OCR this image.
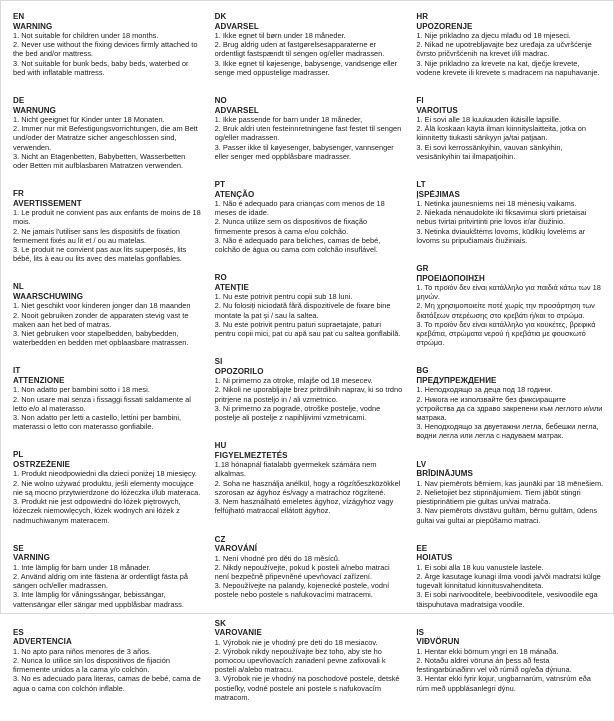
EN
WARNING

1. Not suitable for children under 18 months.

2. Never use without the fixing devices firmly attached to the bed and/or mattress.

3. Not suitable for bunk beds, baby beds, waterbed or bed with inflatable mattress.

DE
WARNUNG

1. Nicht geeignet für Kinder unter 18 Monaten.

2. Immer nur mit Befestigungsvorrichtungen, die am Bett und/oder der Matratze sicher angeschlossen sind, verwenden.

3. Nicht an Etagenbetten, Babybetten, Wasserbetten oder Betten mit aufblasbaren Matratzen verwenden.

FR
AVERTISSEMENT

1. Le produit ne convient pas aux enfants de moins de 18 mois.

2. Ne jamais l'utiliser sans les dispositifs de fixation fermement fixés au lit et / ou au matelas.

3. Le produit ne convient pas aux lits superposés, lits bébé, lits à eau ou lits avec des matelas gonflables.

NL
WAARSCHUWING

1. Niet geschikt voor kinderen jonger dan 18 maanden

2. Nooit gebruiken zonder de apparaten stevig vast te maken aan het bed of matras.

3. Niet gebruiken voor stapelbedden, babybedden, waterbedden en bedden met opblaasbare matrassen.

IT
ATTENZIONE

1. Non adatto per bambini sotto i 18 mesi.

2. Non usare mai senza i fissaggi fissati saldamente al letto e/o al materasso.

3. Non adatto per letti a castello, lettini per bambini, materassi o letto con materasso gonfiabile.

PL
OSTRZEŻENIE

1. Produkt nieodpowiedni dla dzieci poniżej 18 miesięcy.

2. Nie wolno używać produktu, jeśli elementy mocujące nie są mocno przytwierdzone do łóżeczka i/lub materaca.

3. Produkt nie jest odpowiedni do łóżek piętrowych, łóżeczek niemowlęcych, łóżek wodnych ani łóżek z nadmuchiwanym materacem.

SE
VARNING

1. Inte lämplig för barn under 18 månader.

2. Använd aldrig om inte fästena är ordentligt fästa på sängen och/eller madrassen.

3. Inte lämplig för våningssängar, bebissängar, vattensängar eller sängar med uppblåsbar madrass.

ES
ADVERTENCIA

1. No apto para niños menores de 3 años.

2. Nunca lo utilice sin los dispositivos de fijación firmemente unidos a la cama y/o colchón.

3. No es adecuado para literas, camas de bebé, cama de agua o cama con colchón inflable.

DK
ADVARSEL

1. Ikke egnet til børn under 18 måneder.

2. Brug aldrig uden at fastgørelsesapparaterne er ordentligt fastspændt til sengen og/eller madrassen.

3. Ikke egnet til køjesenge, babysenge, vandsenge eller senge med oppustelige madrasser.

NO
ADVARSEL

1. Ikke passende for barn under 18 måneder,

2. Bruk aldri uten festeinnretningene fast festet til sengen og/eller madrassen.

3. Passer ikke til køyesenger, babysenger, vannsenger eller senger med oppblåsbare madrasser.

PT
ATENÇÃO

1. Não é adequado para crianças com menos de 18 meses de idade.

2. Nunca utilize sem os dispositivos de fixação firmemente presos à cama e/ou colchão.

3. Não é adequado para beliches, camas de bebé, colchão de água ou cama com colchão insuflável.

RO
ATENȚIE

1. Nu este potrivit pentru copii sub 18 luni.

2. Nu folosiți niciodată fără dispozitivele de fixare bine montate la pat și / sau la saltea.

3. Nu este potrivit pentru paturi supraetajate, paturi pentru copii mici, pat cu apă sau pat cu saltea gonflabilă.

SI
OPOZORILO

1. Ni primerno za otroke, mlajše od 18 mesecev.

2. Nikoli ne uporabljajte brez pritrdilnih naprav, ki so trdno pritrjene na posteljo in / ali vzmetnico.

3. Ni primerno za pograde, otroške postelje, vodne postelje ali postelje z napihljivimi vzmetnicami.

HU
FIGYELMEZTETÉS

1.18 hónapnál fiatalabb gyermekek számára nem alkalmas.

2. Soha ne használja anélkül, hogy a rögzítőeszközökkel szorosan az ágyhoz és/vagy a matrachoz rögzítené.

3. Nem használható emeletes ágyhoz, vízágyhoz vagy felfújható matraccal ellátott ágyhoz.

CZ
VAROVÁNÍ

1. Není vhodné pro děti do 18 měsíců.

2. Nikdy nepoužívejte, pokud k posteli a/nebo matraci není bezpečně připevněné upevňovací zařízení.

3. Nepoužívejte na palandy, kojenecké postele, vodní postele nebo postele s nafukovacími matracemi.

SK
VAROVANIE

1. Výrobok nie je vhodný pre deti do 18 mesiacov.

2. Výrobok nikdy nepoužívajte bez toho, aby ste ho pomocou upevňovacích zariadení pevne zafixovali k posteli a/alebo matracu.

3. Výrobok nie je vhodný na poschodové postele, detské postieľky, vodné postele ani postele s nafukovacím matracom.

HR
UPOZORENJE

1. Nije prikladno za djecu mlađu od 18 mjeseci.

2. Nikad ne upotrebljavajte bez uređaja za učvršćenje čvrsto pričvršćenih na krevet i/ili madrac.

3. Nije prikladno za krevete na kat, dječje krevete, vodene krevete ili krevete s madracem na napuhavanje.

FI
VAROITUS

1. Ei sovi alle 18 kuukauden ikäisille lapsille.

2. Älä koskaan käytä ilman kiinnityslaitteita, jotka on kiinnitetty tiukasti sänkyyn ja/tai patjaan.

3. Ei sovi kerrossänkyihin, vauvan sänkyihin, vesisänkyihin tai ilmapatjoihin.

LT
ĮSPĖJIMAS

1. Netinka jaunesniems nei 18 mėnesių vaikams.

2. Niekada nenaudokite iki fiksavimui skirti prietaisai nebus tvirtai pritvirtinti prie lovos ir/ar čiužinio.

3. Netinka dviaukštėms lovoms, kūdikių lovelėms ar lovoms su pripučiamais čiužiniais.

GR
ΠΡΟΕΙΔΟΠΟΙΗΣΗ

1. Το προϊόν δεν είναι κατάλληλο για παιδιά κάτω των 18 μηνών.

2. Μη χρησιμοποιείτε ποτέ χωρίς την προσάρτηση των διατάξεων στερέωσης στο κρεβάτι ή/και το στρώμα.

3. Το προϊόν δεν είναι κατάλληλο για κουκέτες, βρεφικά κρεβάτια, στρώματα νερού ή κρεβάτια με φουσκωτό στρώμα.

BG
ПРЕДУПРЕЖДЕНИЕ

1. Неподходящо за деца под 18 години.

2. Никога не използвайте без фиксиращите устройства да са здраво закрепени към леглото и/или матрака.

3. Неподходящо за двуетажни легла, бебешки легла, водни легла или легла с надуваем матрак.

LV
BRĪDINĀJUMS

1. Nav piemērots bērniem, kas jaunāki par 18 mēnešiem.

2. Nelietojiet bez stiprinājumiem. Tiem jābūt stingri piestiprinātiem pie gultas un/vai matrača.

3. Nav piemērots divstāvu gultām, bērnu gultām, ūdens gultai vai gultai ar piepūšamo matraci.

EE
HOIATUS

1. Ei sobi alla 18 kuu vanustele lastele.

2. Ärge kasutage kunagi ilma voodi ja/või madratsi külge tugevalt kinnitatud kinnitusvahenditeta.

3. Ei sobi narivooditele, beebivooditele, vesivoodile ega täispuhutava madratsiga voodile.

IS
VIÐVÖRUN

1. Hentar ekki börnum yngri en 18 mánaða.

2. Notaðu aldrei vöruna án þess að festa festingarbúnaðinn vel við rúmið og/eða dýnuna.

3. Hentar ekki fyrir kojur, ungbarnarúm, vatnsrúm eða rúm með uppblásanlegri dýnu.
